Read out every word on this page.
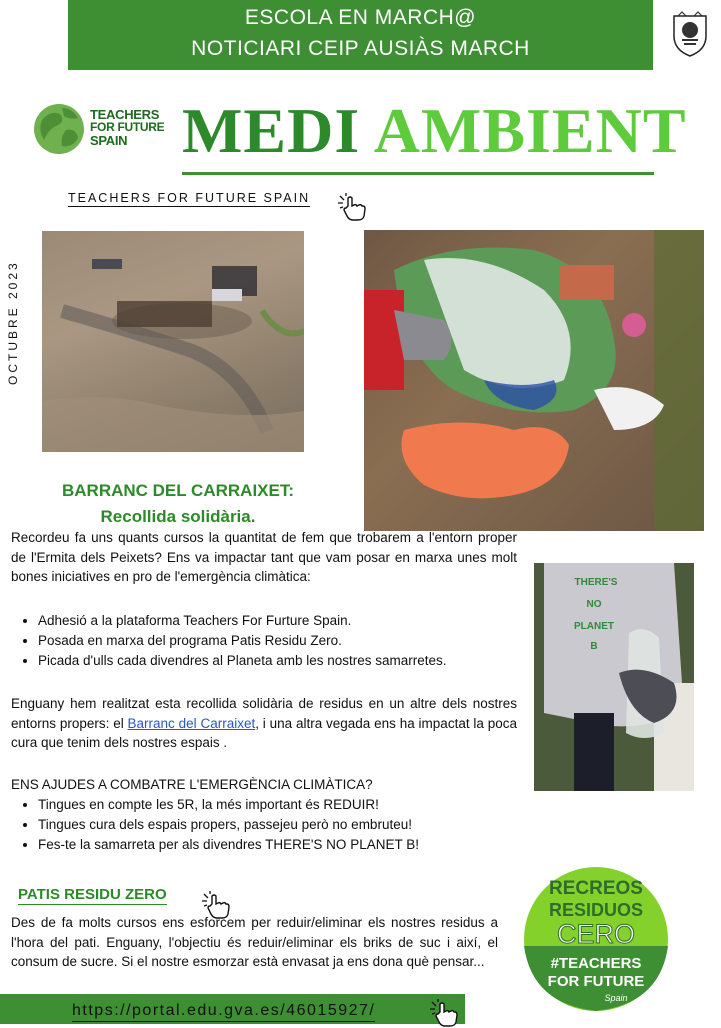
ESCOLA EN MARCH@
NOTICIARI CEIP AUSIÀS MARCH
TEACHERS
FOR FUTURE
SPAIN MEDI AMBIENT
TEACHERS FOR FUTURE SPAIN
OCTUBRE 2023
BARRANC DEL CARRAIXET:
Recollida solidària.
Recordeu fa uns quants cursos la quantitat de fem que trobarem a l'entorn proper de l'Ermita dels Peixets? Ens va impactar tant que vam posar en marxa unes molt bones iniciatives en pro de l'emergència climàtica:
• Adhesió a la plataforma Teachers For Furture Spain.
• Posada en marxa del programa Patis Residu Zero.
• Picada d'ulls cada divendres al Planeta amb les nostres samarretes.
Enguany hem realitzat esta recollida solidària de residus en un altre dels nostres entorns propers: el Barranc del Carraixet, i una altra vegada ens ha impactat la poca cura que tenim dels nostres espais .
ENS AJUDES A COMBATRE L'EMERGÈNCIA CLIMÀTICA?
• Tingues en compte les 5R, la més important és REDUIR!
• Tingues cura dels espais propers, passejeu però no embruteu!
• Fes-te la samarreta per als divendres THERE'S NO PLANET B!
THERE'S
NO
PLANET
B
PATIS RESIDU ZERO
Des de fa molts cursos ens esforcem per reduir/eliminar els nostres residus a l'hora del pati. Enguany, l'objectiu és reduir/eliminar els briks de suc i així, el consum de sucre. Si el nostre esmorzar està envasat ja ens dona què pensar...
https://portal.edu.gva.es/46015927/
RECREOS
RESIDUOS
CERO
#TEACHERS
FOR FUTURE
Spain
